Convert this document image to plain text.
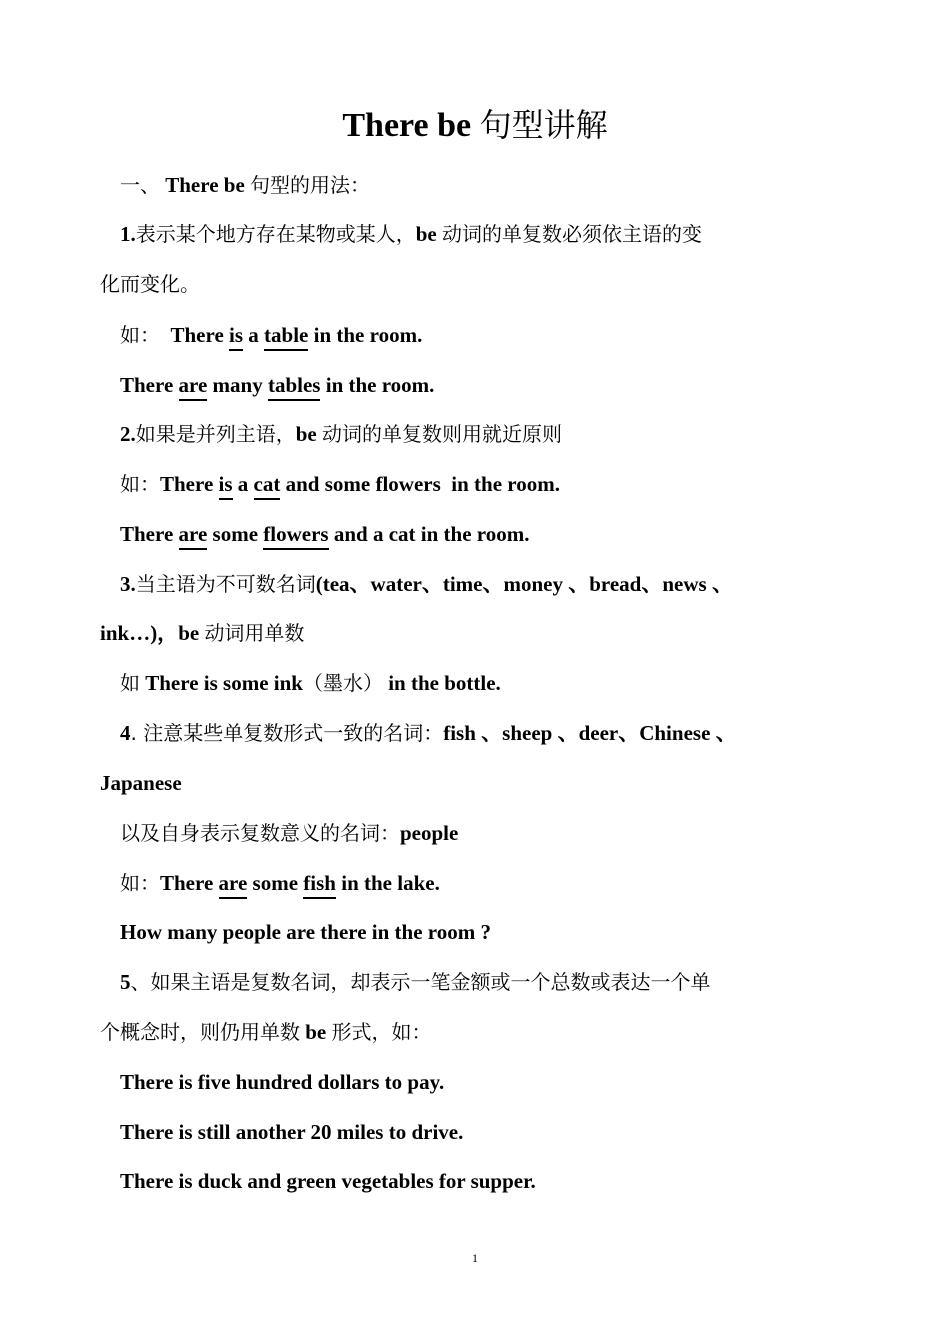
There be 句型讲解
一、 There be 句型的用法：
1.表示某个地方存在某物或某人，be 动词的单复数必须依主语的变
化而变化。
如： There is a table in the room.
There are many tables in the room.
2.如果是并列主语，be 动词的单复数则用就近原则
如：There is a cat and some flowers  in the room.
There are some flowers and a cat in the room.
3.当主语为不可数名词(tea、water、time、money 、bread、news 、
ink…)，be 动词用单数
如 There is some ink（墨水） in the bottle.
4. 注意某些单复数形式一致的名词：fish 、sheep 、deer、Chinese 、
Japanese
以及自身表示复数意义的名词：people
如：There are some fish in the lake.
How many people are there in the room ?
5、如果主语是复数名词，却表示一笔金额或一个总数或表达一个单
个概念时，则仍用单数 be 形式，如：
There is five hundred dollars to pay.
There is still another 20 miles to drive.
There is duck and green vegetables for supper.
1
